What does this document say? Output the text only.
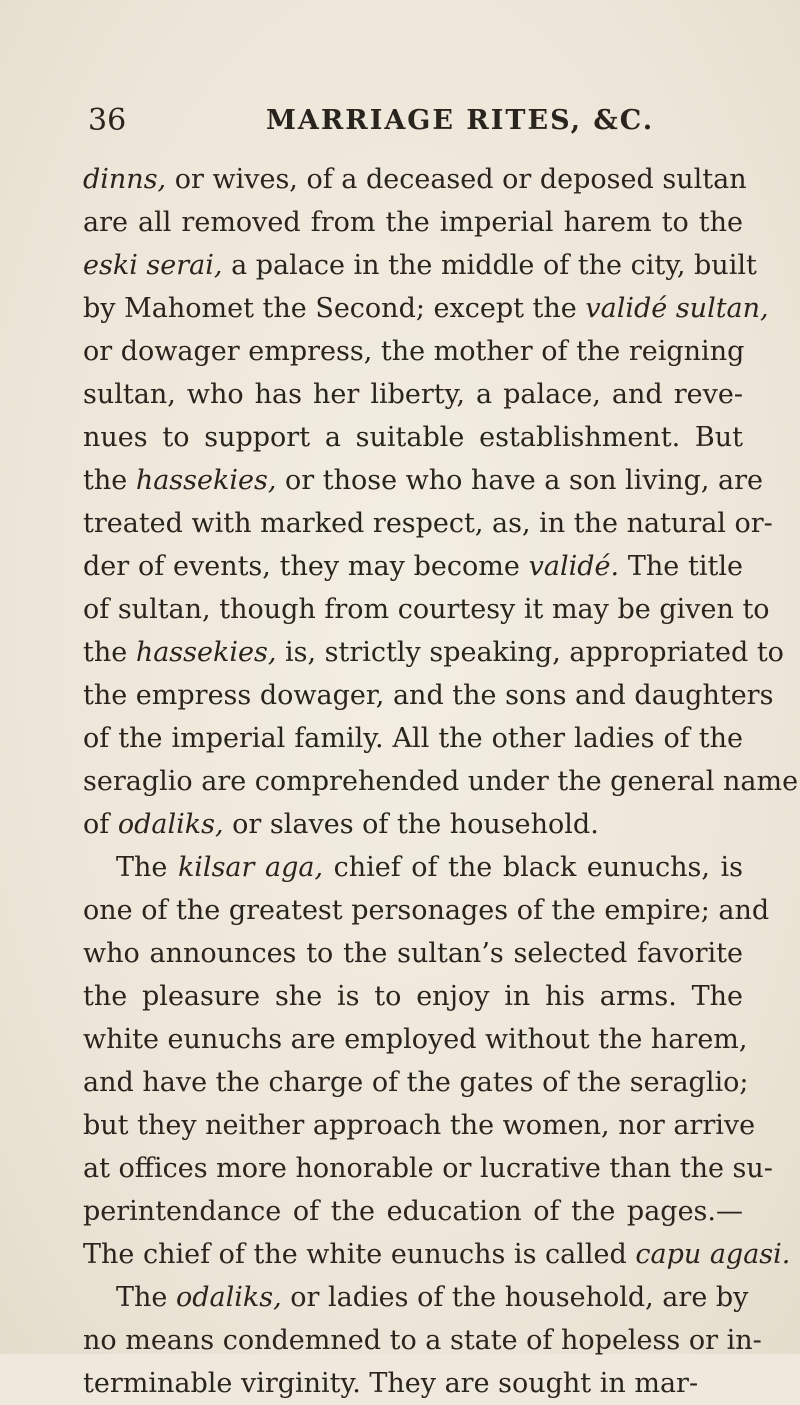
36	MARRIAGE RITES, &C.
dinns, or wives, of a deceased or deposed sultan
are all removed from the imperial harem to the
eski serai, a palace in the middle of the city, built
by Mahomet the Second; except the validé sultan,
or dowager empress, the mother of the reigning
sultan, who has her liberty, a palace, and reve-
nues to support a suitable establishment. But
the hassekies, or those who have a son living, are
treated with marked respect, as, in the natural or-
der of events, they may become validé. The title
of sultan, though from courtesy it may be given to
the hassekies, is, strictly speaking, appropriated to
the empress dowager, and the sons and daughters
of the imperial family. All the other ladies of the
seraglio are comprehended under the general name
of odaliks, or slaves of the household.
The kilsar aga, chief of the black eunuchs, is
one of the greatest personages of the empire; and
who announces to the sultan’s selected favorite
the pleasure she is to enjoy in his arms. The
white eunuchs are employed without the harem,
and have the charge of the gates of the seraglio;
but they neither approach the women, nor arrive
at offices more honorable or lucrative than the su-
perintendance of the education of the pages.—
The chief of the white eunuchs is called capu agasi.
The odaliks, or ladies of the household, are by
no means condemned to a state of hopeless or in-
terminable virginity. They are sought in mar-
